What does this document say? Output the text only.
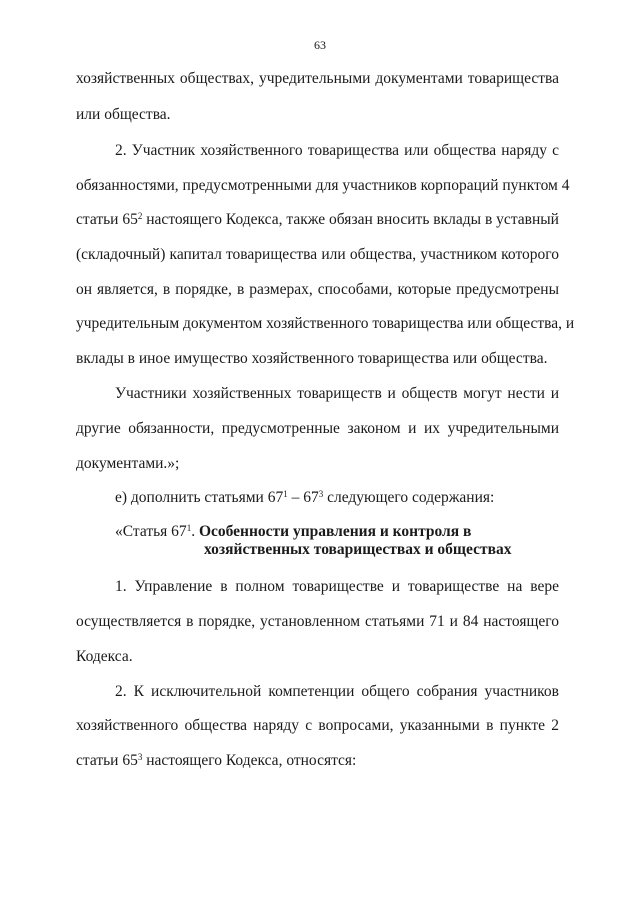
63
хозяйственных обществах, учредительными документами товарищества
или общества.
2. Участник хозяйственного товарищества или общества наряду с
обязанностями, предусмотренными для участников корпораций пунктом 4
статьи $65^2$ настоящего Кодекса, также обязан вносить вклады в уставный
(складочный) капитал товарищества или общества, участником которого
он является, в порядке, в размерах, способами, которые предусмотрены
учредительным документом хозяйственного товарищества или общества, и
вклады в иное имущество хозяйственного товарищества или общества.
Участники хозяйственных товариществ и обществ могут нести и
другие обязанности, предусмотренные законом и их учредительными
документами.»;
е) дополнить статьями $67^1 - 67^3$ следующего содержания:
«Статья $67^1$. Особенности управления и контроля в
хозяйственных товариществах и обществах
1. Управление в полном товариществе и товариществе на вере
осуществляется в порядке, установленном статьями 71 и 84 настоящего
Кодекса.
2. К исключительной компетенции общего собрания участников
хозяйственного общества наряду с вопросами, указанными в пункте 2
статьи $65^3$ настоящего Кодекса, относятся:
